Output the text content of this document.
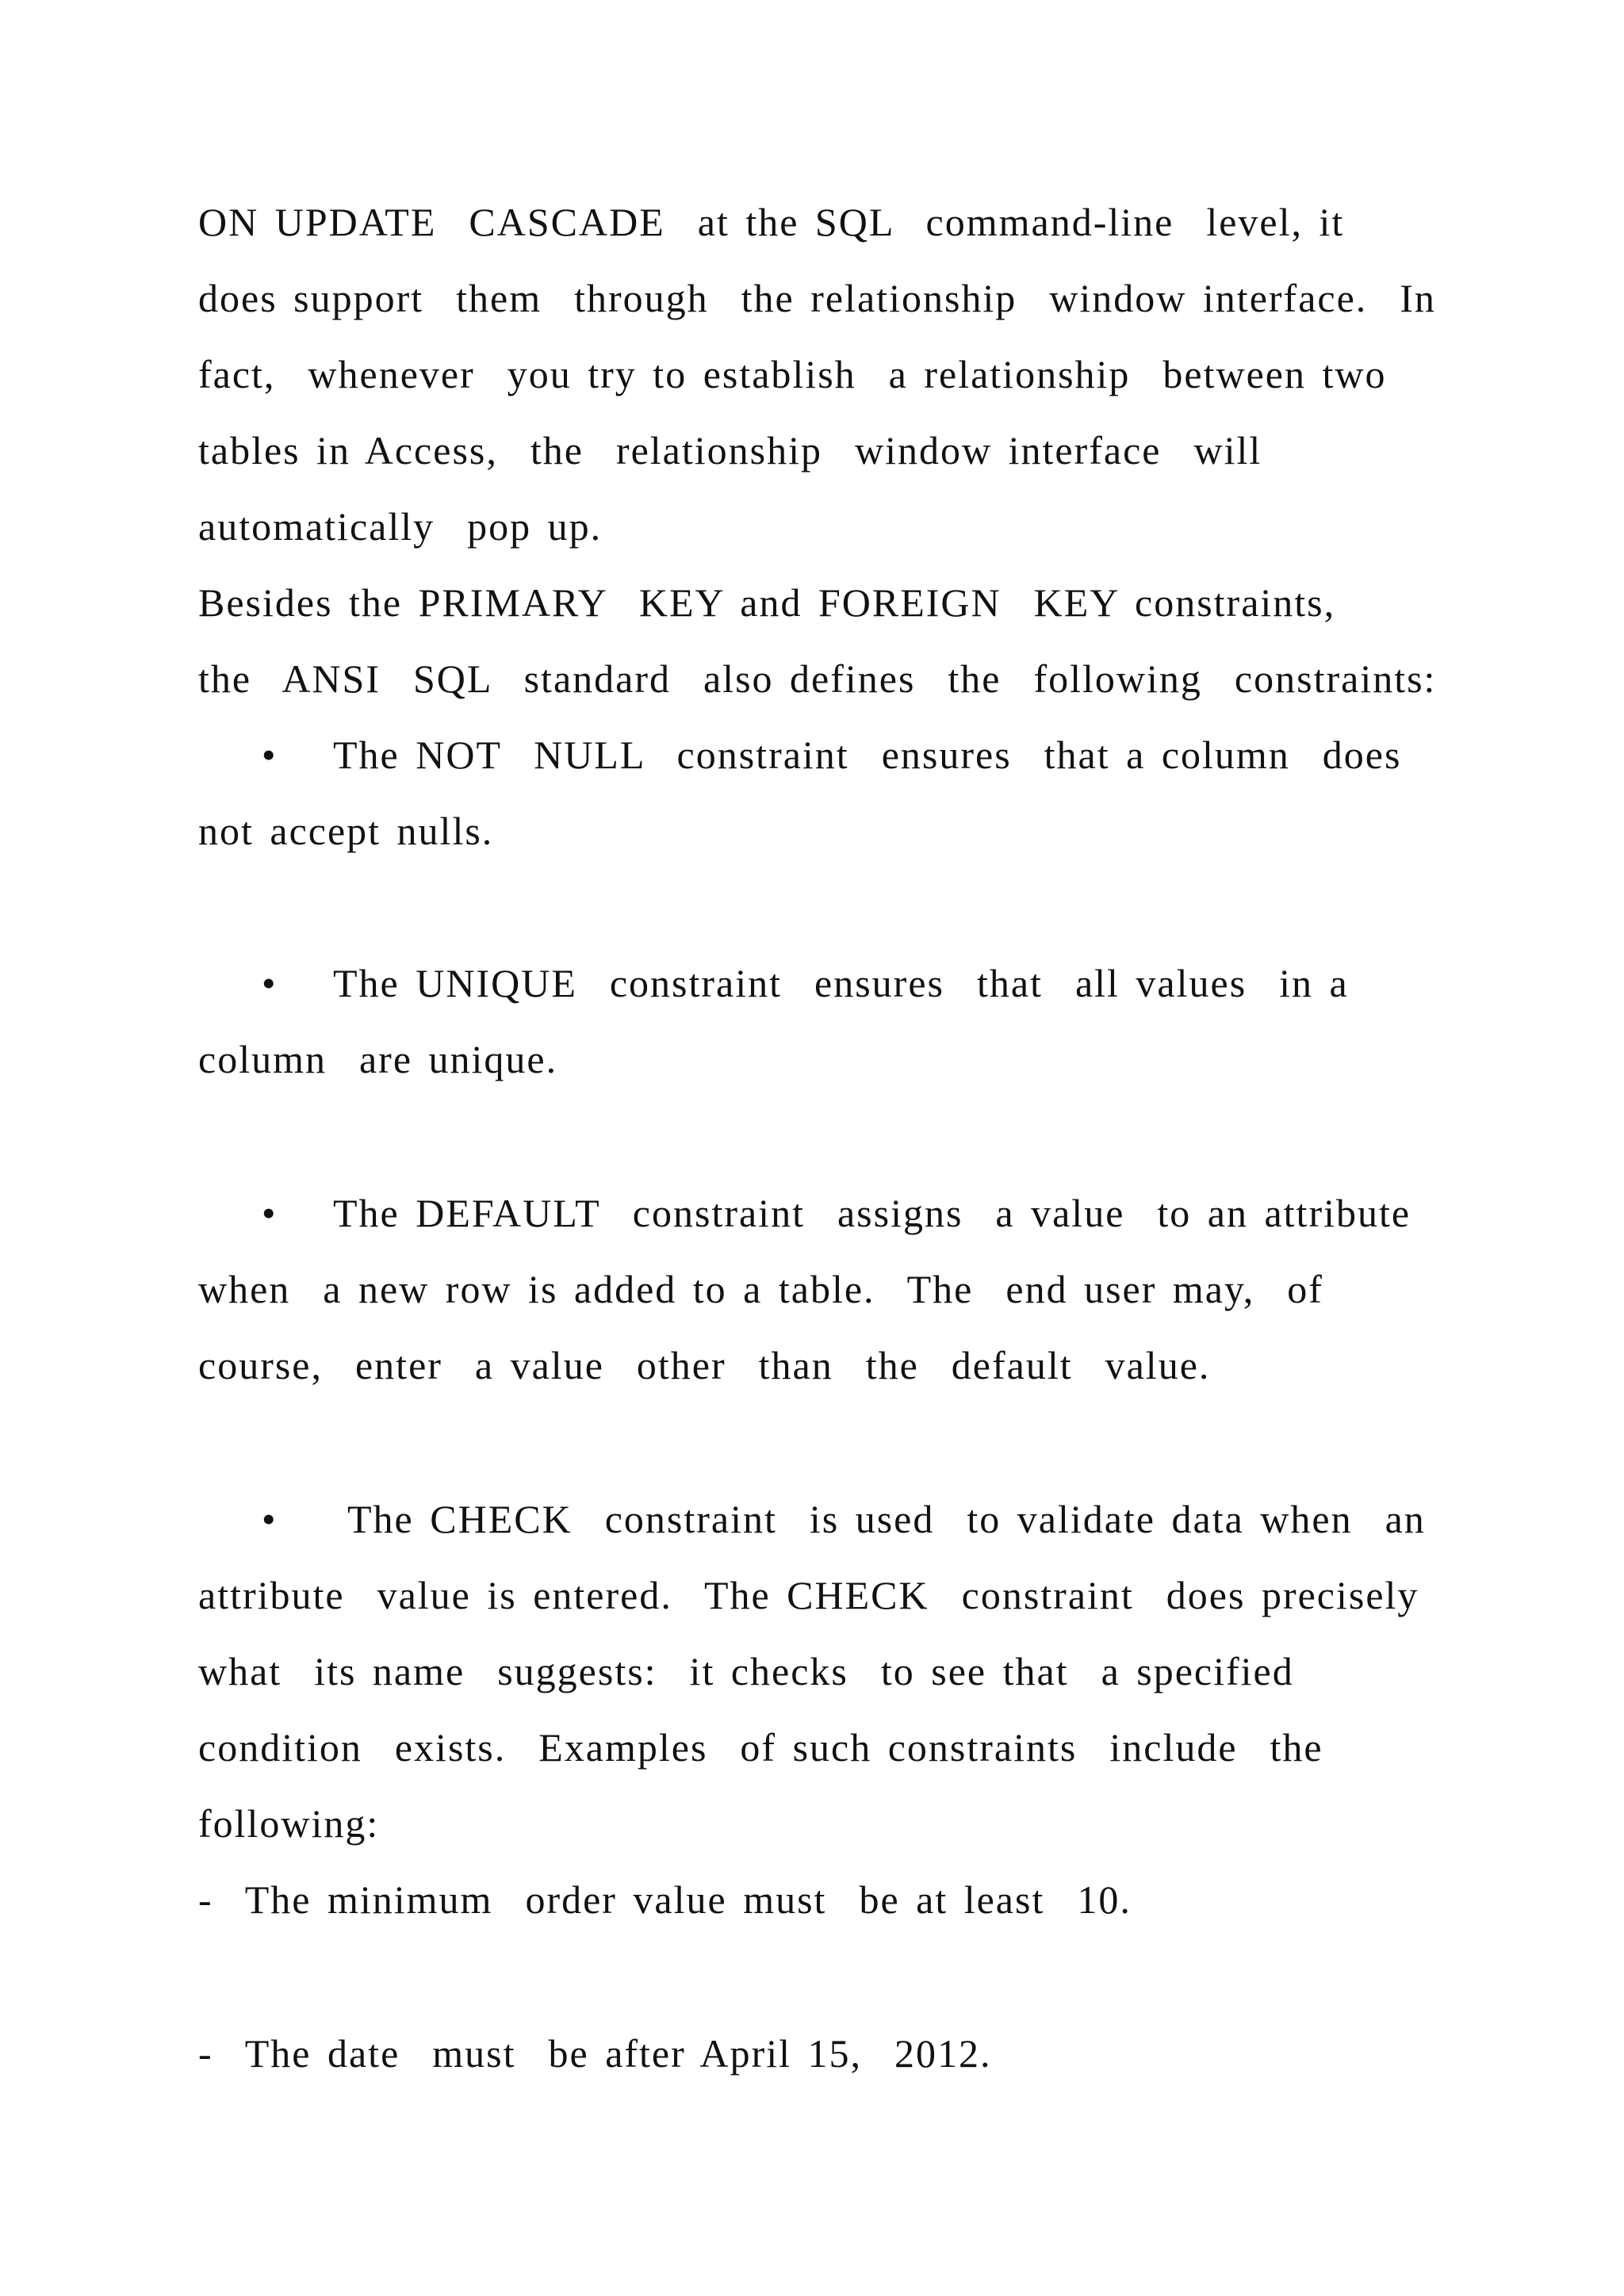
ON UPDATE  CASCADE  at the SQL  command-line  level, it
does support  them  through  the relationship  window interface.  In
fact,  whenever  you try to establish  a relationship  between two
tables in Access,  the  relationship  window interface  will
automatically  pop up.
Besides the PRIMARY  KEY and FOREIGN  KEY constraints,
the  ANSI  SQL  standard  also defines  the  following  constraints:
• The NOT  NULL  constraint  ensures  that a column  does
not accept nulls.
• The UNIQUE  constraint  ensures  that  all values  in a
column  are unique.
• The DEFAULT  constraint  assigns  a value  to an attribute
when  a new row is added to a table.  The  end user may,  of
course,  enter  a value  other  than  the  default  value.
• The CHECK  constraint  is used  to validate data when  an
attribute  value is entered.  The CHECK  constraint  does precisely
what  its name  suggests:  it checks  to see that  a specified
condition  exists.  Examples  of such constraints  include  the
following:
-  The minimum  order value must  be at least  10.
-  The date  must  be after April 15,  2012.
